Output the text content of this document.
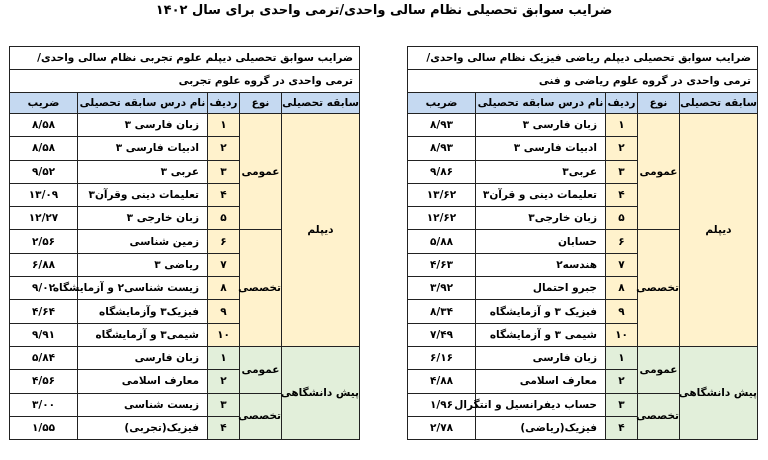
ضرایب سوابق تحصیلی نظام سالی واحدی/ترمی واحدی برای سال ۱۴۰۲
ضرایب سوابق تحصیلی دیپلم ریاضی فیزیک نظام سالی واحدی/				
ترمی واحدی در گروه علوم ریاضی و فنی				
سابقه تحصیلی	نوع	ردیف	نام درس سابقه تحصیلی	ضریب
دیپلم	عمومی	۱	زبان فارسی ۳	۸/۹۳
		۲	ادبیات فارسی ۳	۸/۹۳
		۳	عربی۳	۹/۸۶
		۴	تعلیمات دینی و قرآن۳	۱۳/۶۲
		۵	زبان خارجی۳	۱۲/۶۲
	تخصصی	۶	حسابان	۵/۸۸
		۷	هندسه۲	۴/۶۳
		۸	جبرو احتمال	۳/۹۲
		۹	فیزیک ۳ و آزمایشگاه	۸/۳۴
		۱۰	شیمی ۳ و آزمایشگاه	۷/۴۹
پیش دانشگاهی	عمومی	۱	زبان فارسی	۶/۱۶
		۲	معارف اسلامی	۴/۸۸
	تخصصی	۳	حساب دیفرانسیل و انتگرال	۱/۹۶
		۴	فیزیک(ریاضی)	۲/۷۸
ضرایب سوابق تحصیلی دیپلم علوم تجربی نظام سالی واحدی/				
ترمی واحدی در گروه علوم تجربی				
سابقه تحصیلی	نوع	ردیف	نام درس سابقه تحصیلی	ضریب
دیپلم	عمومی	۱	زبان فارسی ۳	۸/۵۸
		۲	ادبیات فارسی ۳	۸/۵۸
		۳	عربی ۳	۹/۵۲
		۴	تعلیمات دینی وقرآن۳	۱۳/۰۹
		۵	زبان خارجی ۳	۱۲/۲۷
	تخصصی	۶	زمین شناسی	۲/۵۶
		۷	ریاضی ۳	۶/۸۸
		۸	زیست شناسی۲ و آزمایشگاه	۹/۰۲
		۹	فیزیک۳ وآزمایشگاه	۴/۶۴
		۱۰	شیمی۳ و آزمایشگاه	۹/۹۱
پیش دانشگاهی	عمومی	۱	زبان فارسی	۵/۸۴
		۲	معارف اسلامی	۴/۵۶
	تخصصی	۳	زیست شناسی	۳/۰۰
		۴	فیزیک(تجربی)	۱/۵۵
